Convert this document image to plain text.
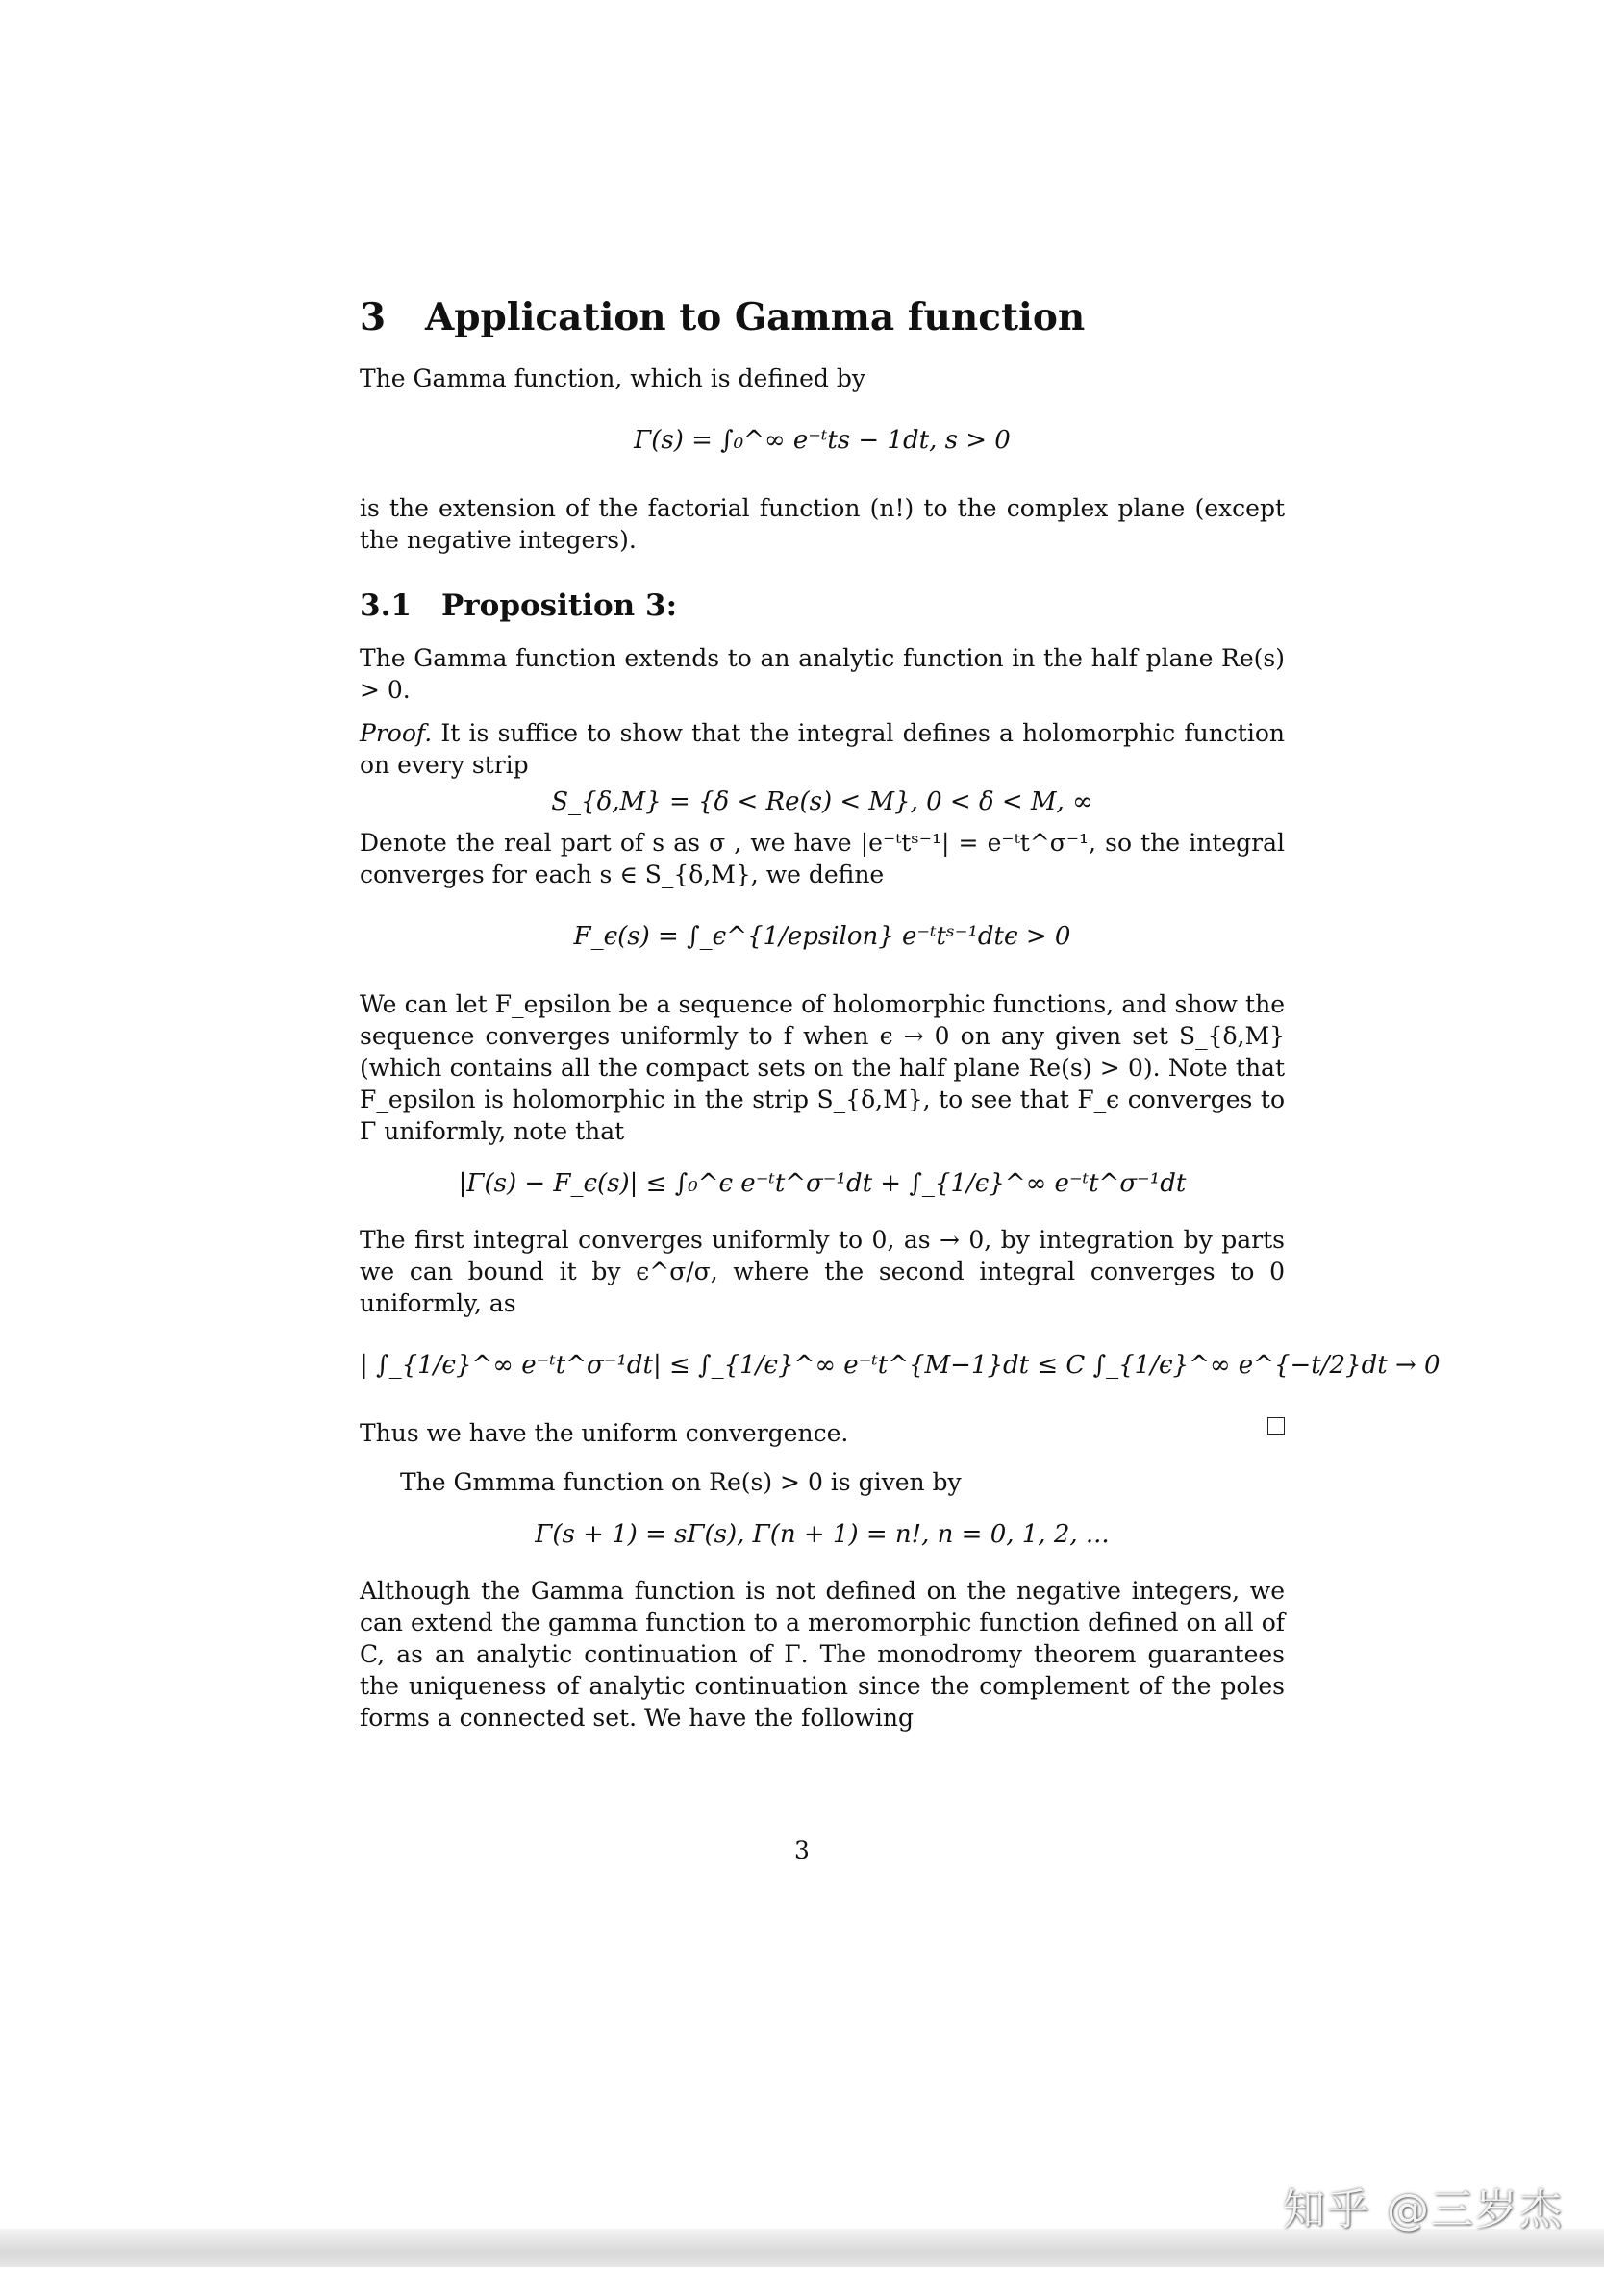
3 Application to Gamma function

The Gamma function, which is defined by

Γ(s) = ∫₀^∞ e⁻ᵗts − 1dt, s > 0

is the extension of the factorial function (n!) to the complex plane (except the negative integers).

3.1 Proposition 3:

The Gamma function extends to an analytic function in the half plane Re(s) > 0.

Proof. It is suffice to show that the integral defines a holomorphic function on every strip

S_{δ,M} = {δ < Re(s) < M}, 0 < δ < M, ∞

Denote the real part of s as σ , we have |e⁻ᵗtˢ⁻¹| = e⁻ᵗt^σ⁻¹, so the integral converges for each s ∈ S_{δ,M}, we define

F_ϵ(s) = ∫_ϵ^{1/epsilon} e⁻ᵗtˢ⁻¹dtϵ > 0

We can let F_epsilon be a sequence of holomorphic functions, and show the sequence converges uniformly to f when ϵ → 0 on any given set S_{δ,M} (which contains all the compact sets on the half plane Re(s) > 0). Note that F_epsilon is holomorphic in the strip S_{δ,M}, to see that F_ϵ converges to Γ uniformly, note that

|Γ(s) − F_ϵ(s)| ≤ ∫₀^ϵ e⁻ᵗt^σ⁻¹dt + ∫_{1/ϵ}^∞ e⁻ᵗt^σ⁻¹dt

The first integral converges uniformly to 0, as → 0, by integration by parts we can bound it by ϵ^σ/σ, where the second integral converges to 0 uniformly, as

| ∫_{1/ϵ}^∞ e⁻ᵗt^σ⁻¹dt| ≤ ∫_{1/ϵ}^∞ e⁻ᵗt^{M−1}dt ≤ C ∫_{1/ϵ}^∞ e^{−t/2}dt → 0

Thus we have the uniform convergence.

The Gmmma function on Re(s) > 0 is given by

Γ(s + 1) = sΓ(s), Γ(n + 1) = n!, n = 0, 1, 2, ...

Although the Gamma function is not defined on the negative integers, we can extend the gamma function to a meromorphic function defined on all of C, as an analytic continuation of Γ. The monodromy theorem guarantees the uniqueness of analytic continuation since the complement of the poles forms a connected set. We have the following

3
知乎 @三岁杰
